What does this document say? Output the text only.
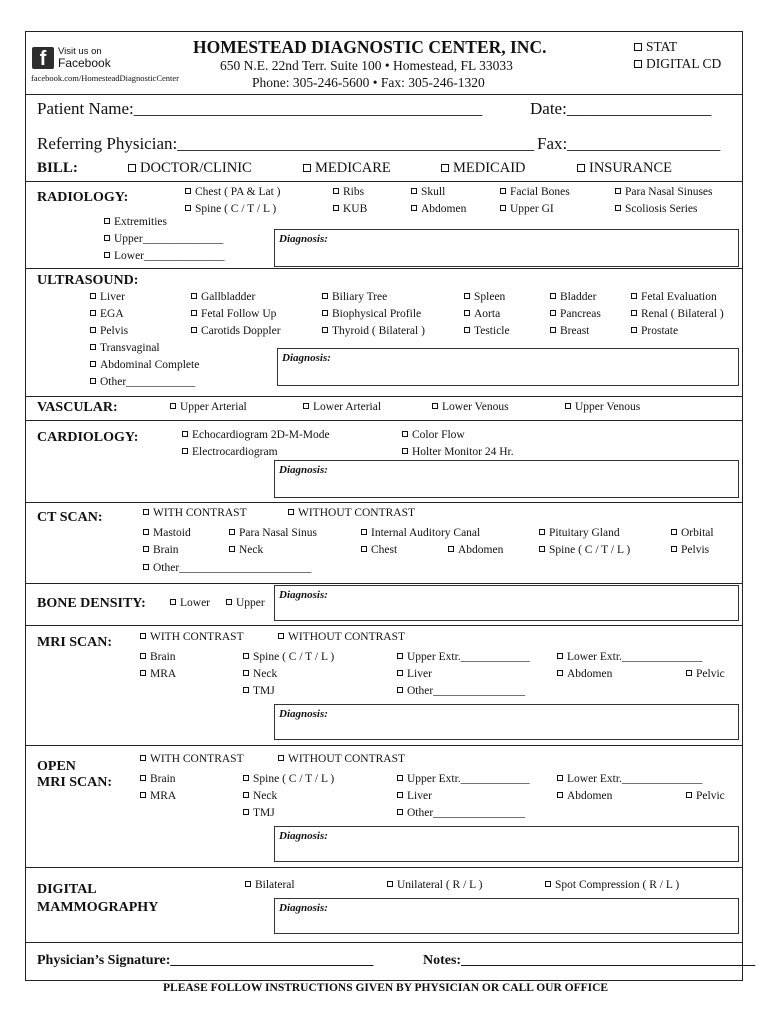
f	Visit us on
Facebook
facebook.com/HomesteadDiagnosticCenter
HOMESTEAD DIAGNOSTIC CENTER, INC.
650 N.E. 22nd Terr. Suite 100 • Homestead, FL 33033
Phone: 305-246-5600 • Fax: 305-246-1320
STAT
DIGITAL CD
Patient Name:_________________________________________	Date:_________________
Referring Physician:__________________________________________ Fax:__________________
BILL:	DOCTOR/CLINIC	MEDICARE	MEDICAID	INSURANCE
RADIOLOGY:	Chest ( PA & Lat )	Ribs	Skull	Facial Bones	Para Nasal Sinuses
Spine ( C / T / L )	KUB	Abdomen	Upper GI	Scoliosis Series
Extremities
Upper______________
Lower______________
Diagnosis:
ULTRASOUND:
Liver	Gallbladder	Biliary Tree	Spleen	Bladder	Fetal Evaluation
EGA	Fetal Follow Up	Biophysical Profile	Aorta	Pancreas	Renal ( Bilateral )
Pelvis	Carotids Doppler	Thyroid ( Bilateral )	Testicle	Breast	Prostate
Transvaginal
Abdominal Complete
Other____________
Diagnosis:
VASCULAR:	Upper Arterial	Lower Arterial	Lower Venous	Upper Venous
CARDIOLOGY:	Echocardiogram 2D-M-Mode
Electrocardiogram
Color Flow
Holter Monitor 24 Hr.
Diagnosis:
CT SCAN:	WITH CONTRAST	WITHOUT CONTRAST
Mastoid	Para Nasal Sinus	Internal Auditory Canal	Pituitary Gland	Orbital
Brain	Neck	Chest	Abdomen	Spine ( C / T / L )	Pelvis
Other_______________________
BONE DENSITY:	Lower	Upper
Diagnosis:
MRI SCAN:	WITH CONTRAST	WITHOUT CONTRAST
Brain	Spine ( C / T / L )	Upper Extr.____________	Lower Extr.______________
MRA	Neck	Liver	Abdomen	Pelvic
TMJ	Other________________
Diagnosis:
OPEN
MRI SCAN:
WITH CONTRAST	WITHOUT CONTRAST
Brain	Spine ( C / T / L )	Upper Extr.____________	Lower Extr.______________
MRA	Neck	Liver	Abdomen	Pelvic
TMJ	Other________________
Diagnosis:
DIGITAL
MAMMOGRAPHY
Bilateral	Unilateral ( R / L )	Spot Compression ( R / L )
Diagnosis:
Physician’s Signature:_____________________________	Notes:__________________________________________
PLEASE FOLLOW INSTRUCTIONS GIVEN BY PHYSICIAN OR CALL OUR OFFICE
